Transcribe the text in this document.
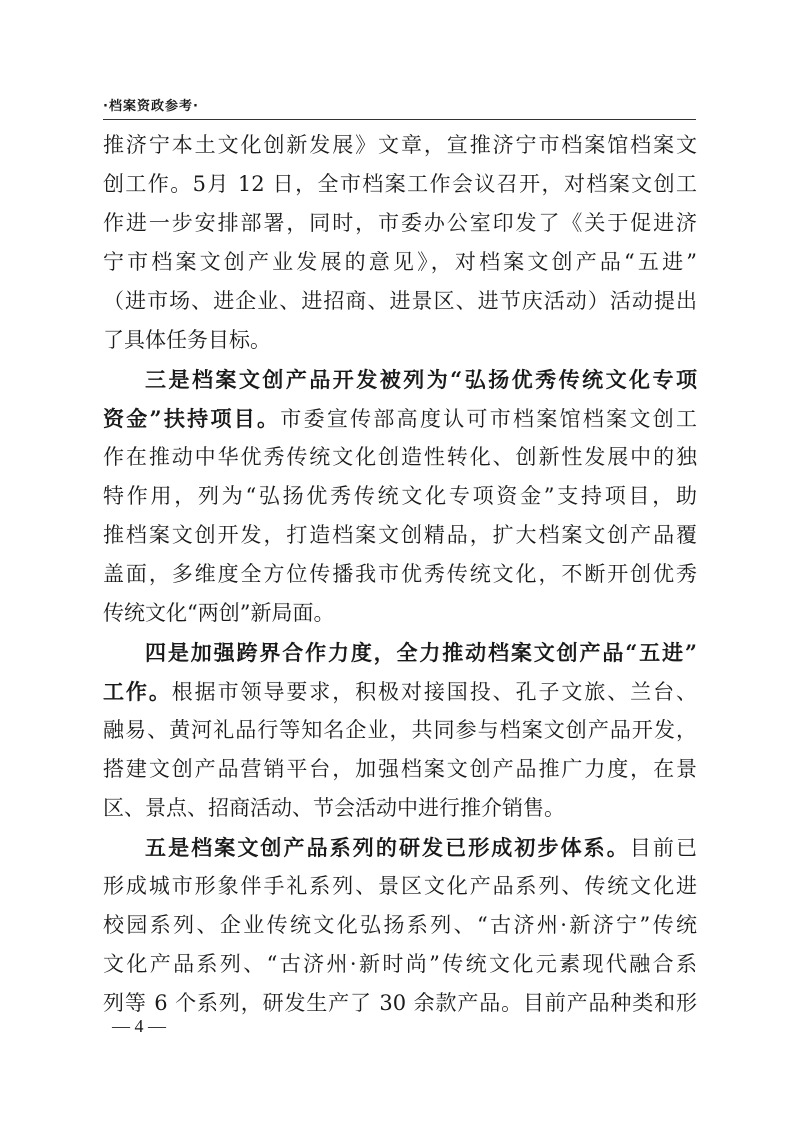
·档案资政参考·
推济宁本土文化创新发展》文章，宣推济宁市档案馆档案文
创工作。5月 12 日，全市档案工作会议召开，对档案文创工
作进一步安排部署，同时，市委办公室印发了《关于促进济
宁市档案文创产业发展的意见》，对档案文创产品“五进”
（进市场、进企业、进招商、进景区、进节庆活动）活动提出
了具体任务目标。
三是档案文创产品开发被列为“弘扬优秀传统文化专项
资金”扶持项目。市委宣传部高度认可市档案馆档案文创工
作在推动中华优秀传统文化创造性转化、创新性发展中的独
特作用，列为“弘扬优秀传统文化专项资金”支持项目，助
推档案文创开发，打造档案文创精品，扩大档案文创产品覆
盖面，多维度全方位传播我市优秀传统文化，不断开创优秀
传统文化“两创”新局面。
四是加强跨界合作力度，全力推动档案文创产品“五进”
工作。根据市领导要求，积极对接国投、孔子文旅、兰台、
融易、黄河礼品行等知名企业，共同参与档案文创产品开发，
搭建文创产品营销平台，加强档案文创产品推广力度，在景
区、景点、招商活动、节会活动中进行推介销售。
五是档案文创产品系列的研发已形成初步体系。目前已
形成城市形象伴手礼系列、景区文化产品系列、传统文化进
校园系列、企业传统文化弘扬系列、“古济州·新济宁”传统
文化产品系列、“古济州·新时尚”传统文化元素现代融合系
列等 6 个系列，研发生产了 30 余款产品。目前产品种类和形
— 4 —
